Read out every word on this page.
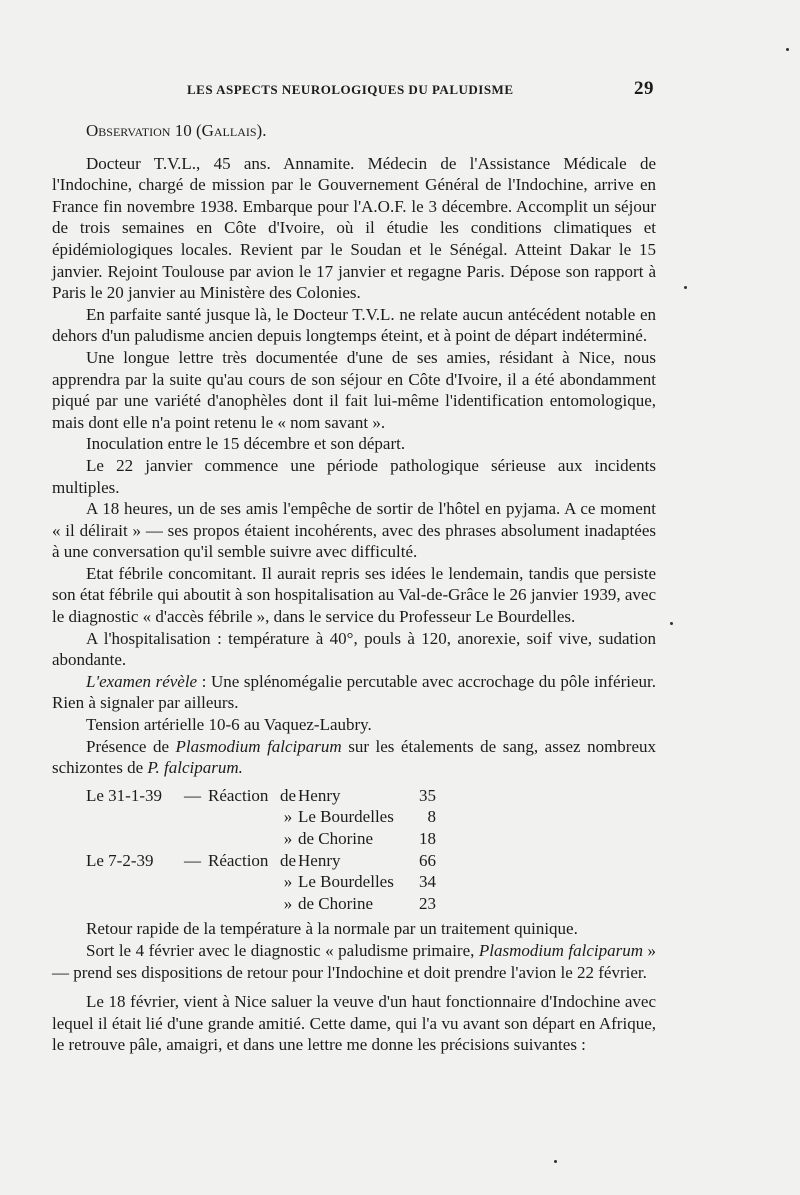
LES ASPECTS NEUROLOGIQUES DU PALUDISME	29

Observation 10 (Gallais).

Docteur T.V.L., 45 ans. Annamite. Médecin de l'Assistance Médicale de l'Indochine, chargé de mission par le Gouvernement Général de l'Indochine, arrive en France fin novembre 1938. Embarque pour l'A.O.F. le 3 décembre. Accomplit un séjour de trois semaines en Côte d'Ivoire, où il étudie les conditions climatiques et épidémiologiques locales. Revient par le Soudan et le Sénégal. Atteint Dakar le 15 janvier. Rejoint Toulouse par avion le 17 janvier et regagne Paris. Dépose son rapport à Paris le 20 janvier au Ministère des Colonies.

En parfaite santé jusque là, le Docteur T.V.L. ne relate aucun antécédent notable en dehors d'un paludisme ancien depuis longtemps éteint, et à point de départ indéterminé.

Une longue lettre très documentée d'une de ses amies, résidant à Nice, nous apprendra par la suite qu'au cours de son séjour en Côte d'Ivoire, il a été abondamment piqué par une variété d'anophèles dont il fait lui-même l'identification entomologique, mais dont elle n'a point retenu le « nom savant ».

Inoculation entre le 15 décembre et son départ.

Le 22 janvier commence une période pathologique sérieuse aux incidents multiples.

A 18 heures, un de ses amis l'empêche de sortir de l'hôtel en pyjama. A ce moment « il délirait » — ses propos étaient incohérents, avec des phrases absolument inadaptées à une conversation qu'il semble suivre avec difficulté.

Etat fébrile concomitant. Il aurait repris ses idées le lendemain, tandis que persiste son état fébrile qui aboutit à son hospitalisation au Val-de-Grâce le 26 janvier 1939, avec le diagnostic « d'accès fébrile », dans le service du Professeur Le Bourdelles.

A l'hospitalisation : température à 40°, pouls à 120, anorexie, soif vive, sudation abondante.

L'examen révèle : Une splénomégalie percutable avec accrochage du pôle inférieur. Rien à signaler par ailleurs.

Tension artérielle 10-6 au Vaquez-Laubry.

Présence de Plasmodium falciparum sur les étalements de sang, assez nombreux schizontes de P. falciparum.

Le 31-1-39	—	Réaction	de	Henry	35
			»	Le Bourdelles	8
			»	de Chorine	18
Le 7-2-39	—	Réaction	de	Henry	66
			»	Le Bourdelles	34
			»	de Chorine	23

Retour rapide de la température à la normale par un traitement quinique.

Sort le 4 février avec le diagnostic « paludisme primaire, Plasmodium falciparum » — prend ses dispositions de retour pour l'Indochine et doit prendre l'avion le 22 février.

Le 18 février, vient à Nice saluer la veuve d'un haut fonctionnaire d'Indochine avec lequel il était lié d'une grande amitié. Cette dame, qui l'a vu avant son départ en Afrique, le retrouve pâle, amaigri, et dans une lettre me donne les précisions suivantes :
